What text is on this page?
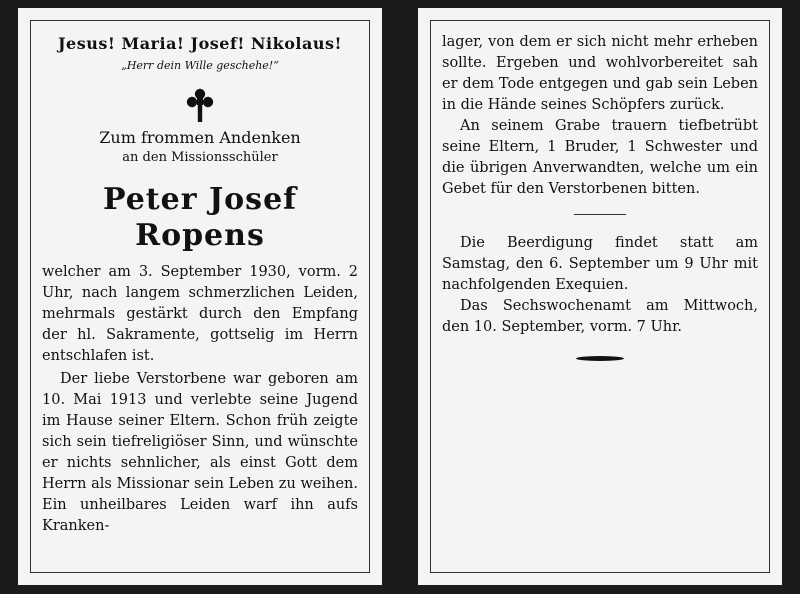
Jesus! Maria! Josef! Nikolaus!
„Herr dein Wille geschehe!“
Zum frommen Andenken
an den Missionsschüler
Peter Josef Ropens

welcher am 3. September 1930, vorm. 2 Uhr, nach langem schmerzlichen Leiden, mehrmals gestärkt durch den Empfang der hl. Sakramente, gottselig im Herrn entschlafen ist.

Der liebe Verstorbene war geboren am 10. Mai 1913 und verlebte seine Jugend im Hause seiner Eltern. Schon früh zeigte sich sein tiefreligiöser Sinn, und wünschte er nichts sehnlicher, als einst Gott dem Herrn als Missionar sein Leben zu weihen. Ein unheilbares Leiden warf ihn aufs Kranken-

lager, von dem er sich nicht mehr erheben sollte. Ergeben und wohlvorbereitet sah er dem Tode entgegen und gab sein Leben in die Hände seines Schöpfers zurück.

An seinem Grabe trauern tiefbetrübt seine Eltern, 1 Bruder, 1 Schwester und die übrigen Anverwandten, welche um ein Gebet für den Verstorbenen bitten.

Die Beerdigung findet statt am Samstag, den 6. September um 9 Uhr mit nachfolgenden Exequien.

Das Sechswochenamt am Mittwoch, den 10. September, vorm. 7 Uhr.
